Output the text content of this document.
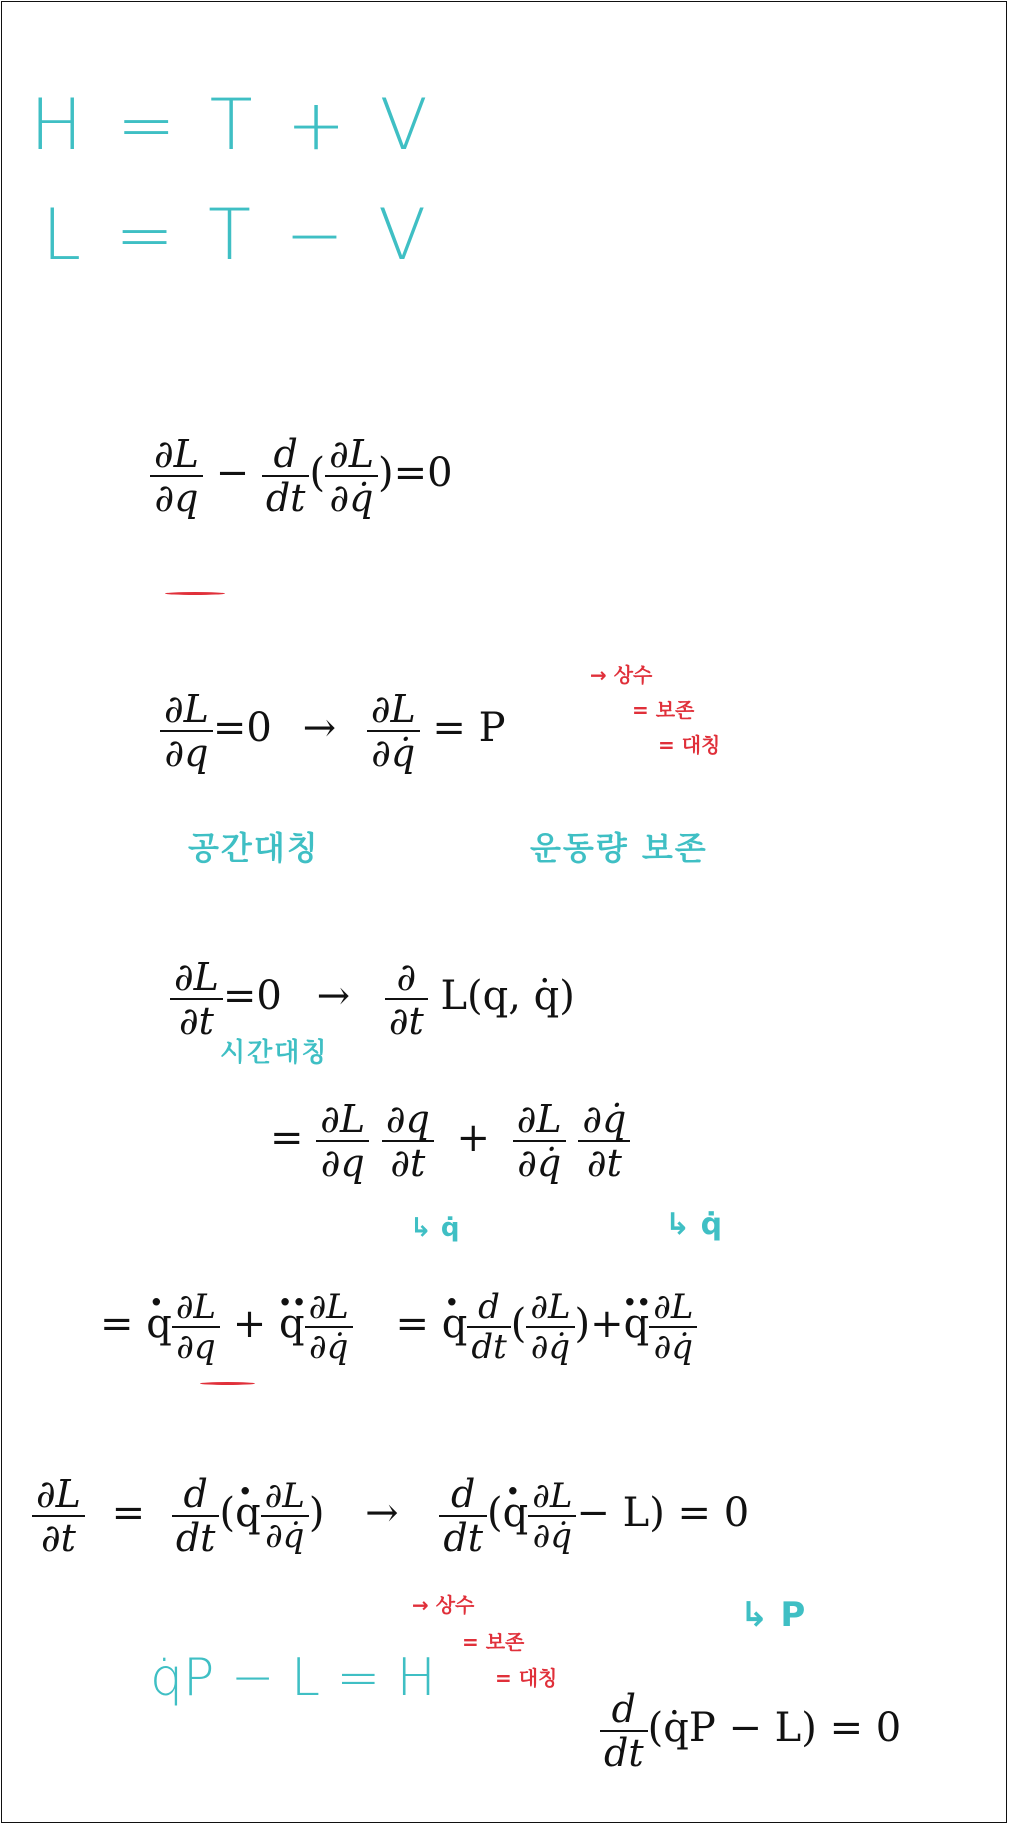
H = T + V
L = T − V
$\frac{\partial L}{\partial q} - \frac{d}{dt}$ ( $\frac{\partial L}{\partial q̇} )=0$
$\frac{\partial L}{\partial q} =0 \to \frac{\partial L}{\partial q̇} = P$
→ 상수
= 보존
= 대칭
공간대칭	운동량 보존
$\frac{\partial L}{\partial t} =0 \to \frac{\partial}{\partial t} L(q$, q̇)
시간대칭
= $\frac{\partial L}{\partial q}$
$\frac{\partial q}{\partial t} + \frac{\partial L}{\partial q̇}$
$\frac{\partial q̇}{\partial t}$
↳ q̇	↳ q̇
= · q $\frac{\partial L}{\partial q}$ + ·· q $\frac{\partial L}{\partial q̇}$ = · q $\frac{d}{dt}$ ( $\frac{\partial L}{\partial q̇}$ )+·· q $\frac{\partial L}{\partial q̇}$
$\frac{\partial L}{\partial t} = \frac{d}{dt}$ (· q $\frac{\partial L}{\partial q̇}$ ) → $\frac{d}{dt}$ (· q $\frac{\partial L}{\partial q̇} - L) = 0$
↳ P
q̇P − L = H
→ 상수
= 보존
= 대칭
$\frac{d}{dt}$ (q̇P − L) = 0
